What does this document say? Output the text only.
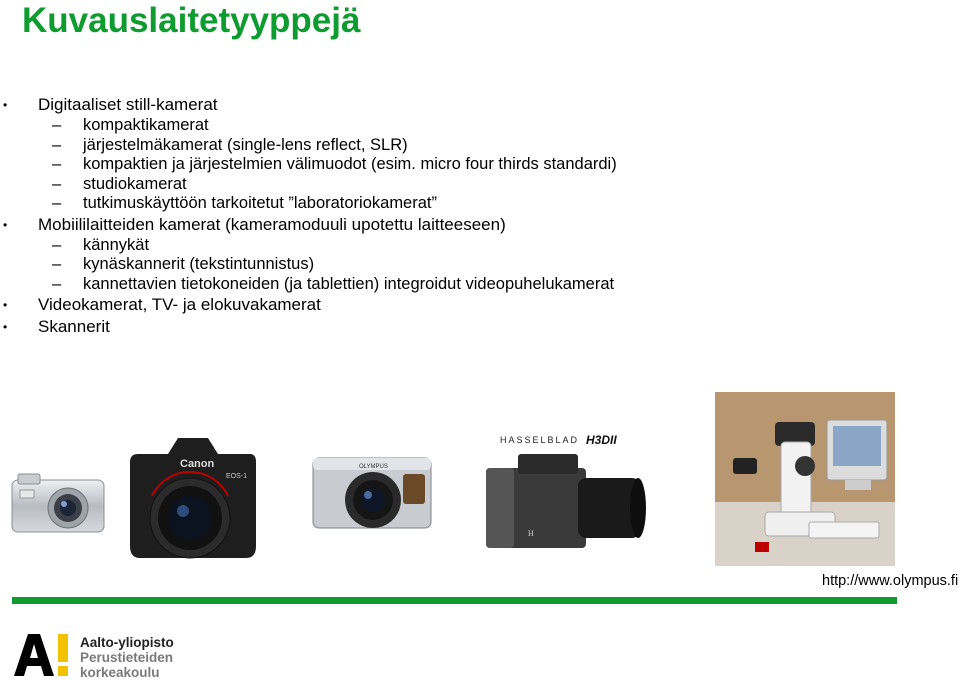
Kuvauslaitetyyppejä
• Digitaaliset still-kamerat
– kompaktikamerat
– järjestelmäkamerat (single-lens reflect, SLR)
– kompaktien ja järjestelmien välimuodot (esim. micro four thirds standardi)
– studiokamerat
– tutkimuskäyttöön tarkoitetut ”laboratoriokamerat”
• Mobiililaitteiden kamerat (kameramoduuli upotettu laitteeseen)
– kännykät
– kynäskannerit (tekstintunnistus)
– kannettavien tietokoneiden (ja tablettien) integroidut videopuhelukamerat
• Videokamerat, TV- ja elokuvakamerat
• Skannerit
Canon
EOS-1
OLYMPUS
HASSELBLAD H3DII
H
http://www.olympus.fi
Aalto-yliopisto
Perustieteiden
korkeakoulu
